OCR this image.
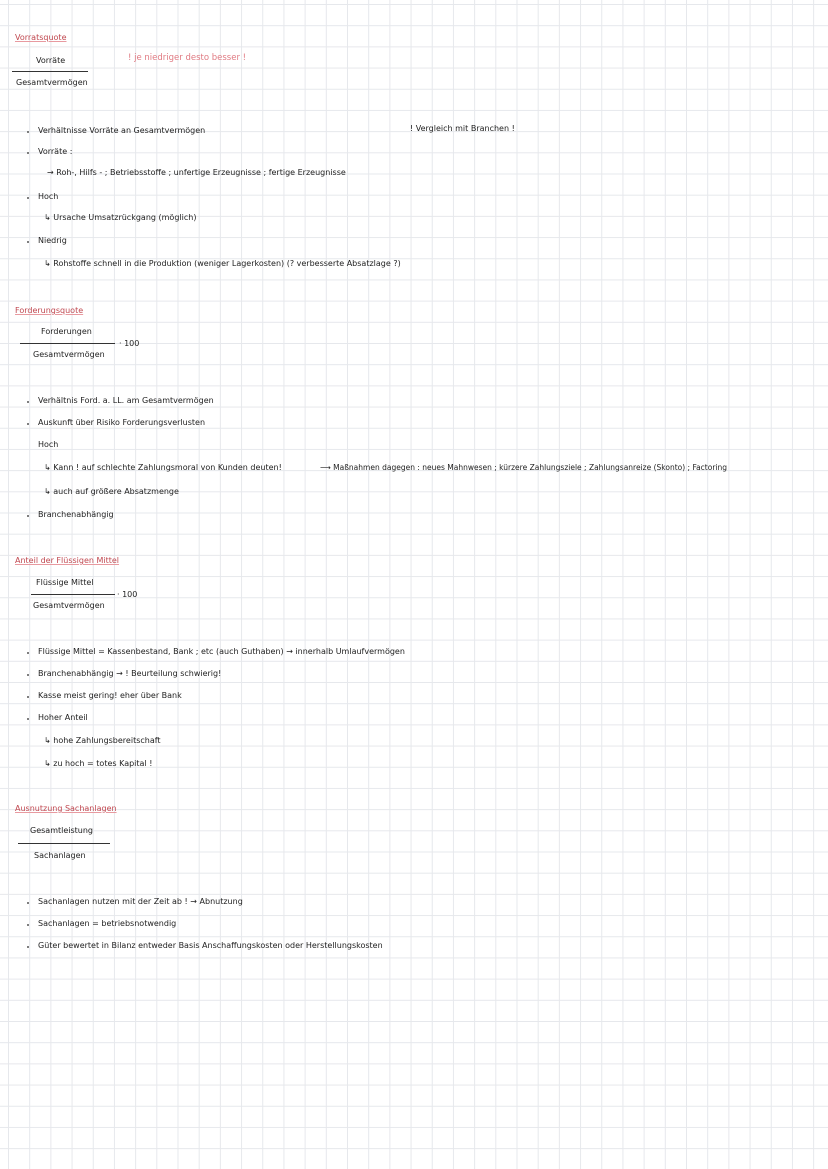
Vorratsquote
Vorräte
Gesamtvermögen
! je niedriger desto besser !
Verhältnisse Vorräte an Gesamtvermögen	! Vergleich mit Branchen !
Vorräte :
→ Roh-, Hilfs - ; Betriebsstoffe ; unfertige Erzeugnisse ; fertige Erzeugnisse
Hoch
↳ Ursache Umsatzrückgang (möglich)
Niedrig
↳ Rohstoffe schnell in die Produktion (weniger Lagerkosten) (? verbesserte Absatzlage ?)
Forderungsquote
Forderungen
· 100
Gesamtvermögen
Verhältnis Ford. a. LL. am Gesamtvermögen
Auskunft über Risiko Forderungsverlusten
Hoch
↳ Kann ! auf schlechte Zahlungsmoral von Kunden deuten!	⟶ Maßnahmen dagegen : neues Mahnwesen ; kürzere Zahlungsziele ; Zahlungsanreize (Skonto) ; Factoring
↳ auch auf größere Absatzmenge
Branchenabhängig
Anteil der Flüssigen Mittel
Flüssige Mittel
· 100
Gesamtvermögen
Flüssige Mittel = Kassenbestand, Bank ; etc (auch Guthaben) → innerhalb Umlaufvermögen
Branchenabhängig → ! Beurteilung schwierig!
Kasse meist gering! eher über Bank
Hoher Anteil
↳ hohe Zahlungsbereitschaft
↳ zu hoch = totes Kapital !
Ausnutzung Sachanlagen
Gesamtleistung
Sachanlagen
Sachanlagen nutzen mit der Zeit ab ! → Abnutzung
Sachanlagen = betriebsnotwendig
Güter bewertet in Bilanz entweder Basis Anschaffungskosten oder Herstellungskosten
